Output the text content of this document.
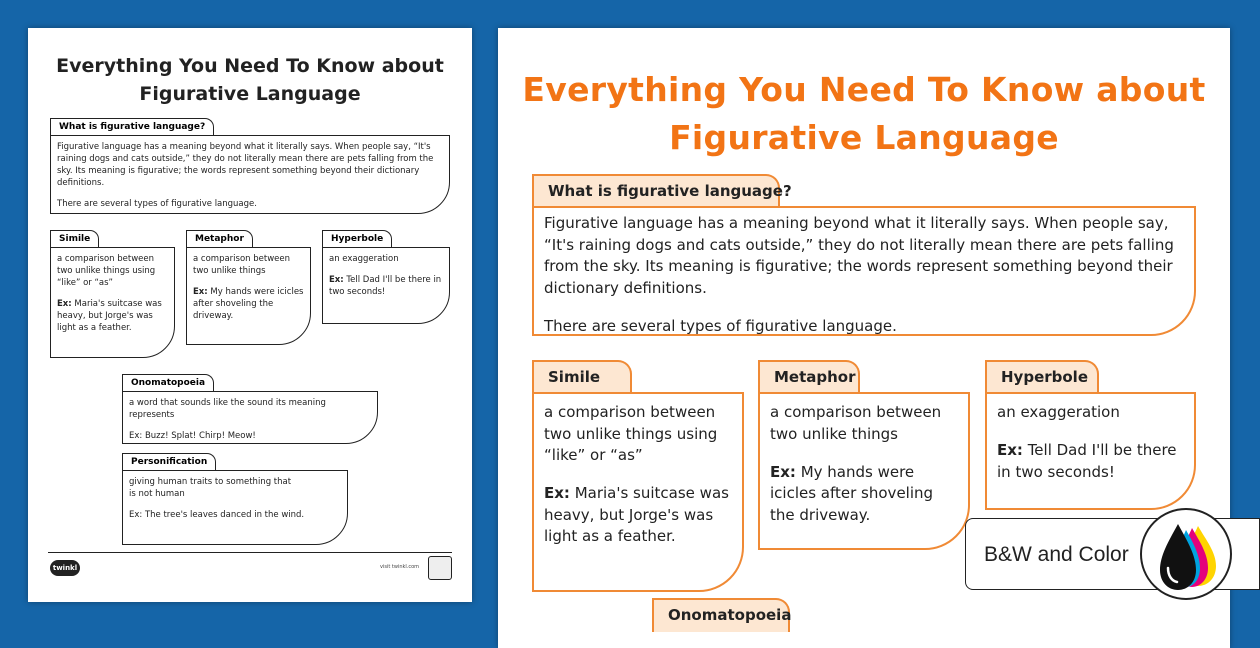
Everything You Need To Know about
Figurative Language
What is figurative language?

Figurative language has a meaning beyond what it literally says. When people say, “It's raining dogs and cats outside,” they do not literally mean there are pets falling from the sky. Its meaning is figurative; the words represent something beyond their dictionary definitions.

There are several types of figurative language.

Simile

a comparison between two unlike things using “like” or “as”

Ex: Maria's suitcase was heavy, but Jorge's was light as a feather.

Metaphor

a comparison between two unlike things

Ex: My hands were icicles after shoveling the driveway.

Hyperbole

an exaggeration

Ex: Tell Dad I'll be there in two seconds!

Onomatopoeia

a word that sounds like the sound its meaning represents

Ex: Buzz! Splat! Chirp! Meow!

Personification

giving human traits to something that is not human

Ex: The tree's leaves danced in the wind.

twinkl	visit twinkl.com
Everything You Need To Know about
Figurative Language
What is figurative language?

Figurative language has a meaning beyond what it literally says. When people say, “It's raining dogs and cats outside,” they do not literally mean there are pets falling from the sky. Its meaning is figurative; the words represent something beyond their dictionary definitions.

There are several types of figurative language.

Simile

a comparison between two unlike things using “like” or “as”

Ex: Maria's suitcase was heavy, but Jorge's was light as a feather.

Metaphor

a comparison between two unlike things

Ex: My hands were icicles after shoveling the driveway.

Hyperbole

an exaggeration

Ex: Tell Dad I'll be there in two seconds!

Onomatopoeia
B&W and Color
